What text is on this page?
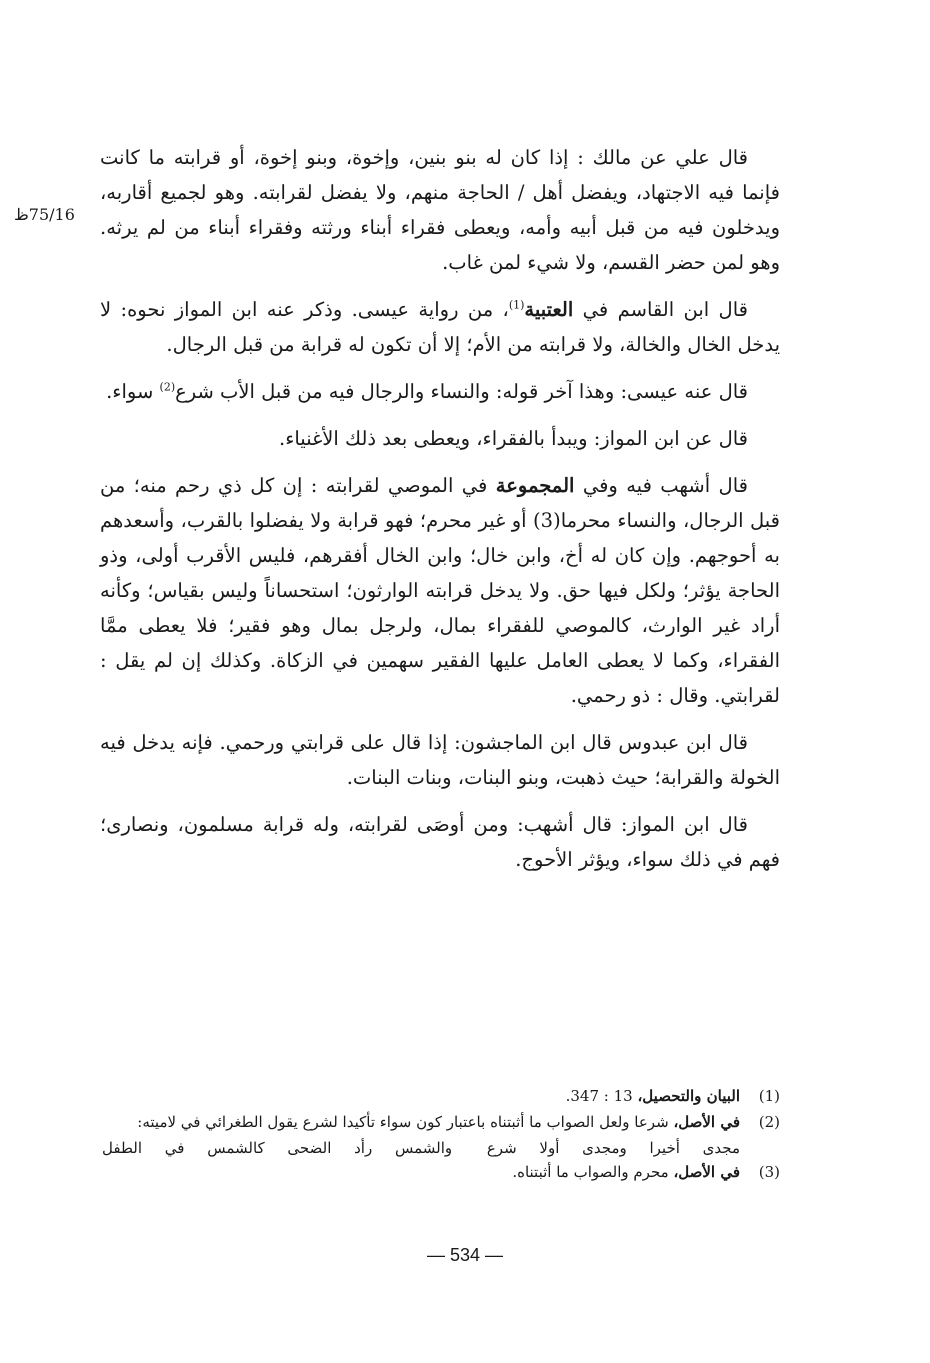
75/16ظ

قال علي عن مالك : إذا كان له بنو بنين، وإخوة، وبنو إخوة، أو قرابته ما كانت فإنما فيه الاجتهاد، ويفضل أهل / الحاجة منهم، ولا يفضل لقرابته. وهو لجميع أقاربه، ويدخلون فيه من قبل أبيه وأمه، ويعطى فقراء أبناء ورثته وفقراء أبناء من لم يرثه. وهو لمن حضر القسم، ولا شيء لمن غاب.

قال ابن القاسم في العتبية$^{(1)}$، من رواية عيسى. وذكر عنه ابن المواز نحوه: لا يدخل الخال والخالة، ولا قرابته من الأم؛ إلا أن تكون له قرابة من قبل الرجال.

قال عنه عيسى: وهذا آخر قوله: والنساء والرجال فيه من قبل الأب شرع$^{(2)}$ سواء.

قال عن ابن المواز: ويبدأ بالفقراء، ويعطى بعد ذلك الأغنياء.

قال أشهب فيه وفي المجموعة في الموصي لقرابته : إن كل ذي رحم منه؛ من قبل الرجال، والنساء محرما(3) أو غير محرم؛ فهو قرابة ولا يفضلوا بالقرب، وأسعدهم به أحوجهم. وإن كان له أخ، وابن خال؛ وابن الخال أفقرهم، فليس الأقرب أولى، وذو الحاجة يؤثر؛ ولكل فيها حق. ولا يدخل قرابته الوارثون؛ استحساناً وليس بقياس؛ وكأنه أراد غير الوارث، كالموصي للفقراء بمال، ولرجل بمال وهو فقير؛ فلا يعطى ممَّا الفقراء، وكما لا يعطى العامل عليها الفقير سهمين في الزكاة. وكذلك إن لم يقل : لقرابتي. وقال : ذو رحمي.

قال ابن عبدوس قال ابن الماجشون: إذا قال على قرابتي ورحمي. فإنه يدخل فيه الخولة والقرابة؛ حيث ذهبت، وبنو البنات، وبنات البنات.

قال ابن المواز: قال أشهب: ومن أوصَى لقرابته، وله قرابة مسلمون، ونصارى؛ فهم في ذلك سواء، ويؤثر الأحوج.

(1)
البيان والتحصيل، 13 : 347.
(2)
في الأصل، شرعا ولعل الصواب ما أثبتناه باعتبار كون سواء تأكيدا لشرع يقول الطغرائي في لاميته:
مجدى أخيرا ومجدى أولا شرع
والشمس رأد الضحى كالشمس في الطفل
(3)
في الأصل، محرم والصواب ما أثبتناه.
— 534 —
